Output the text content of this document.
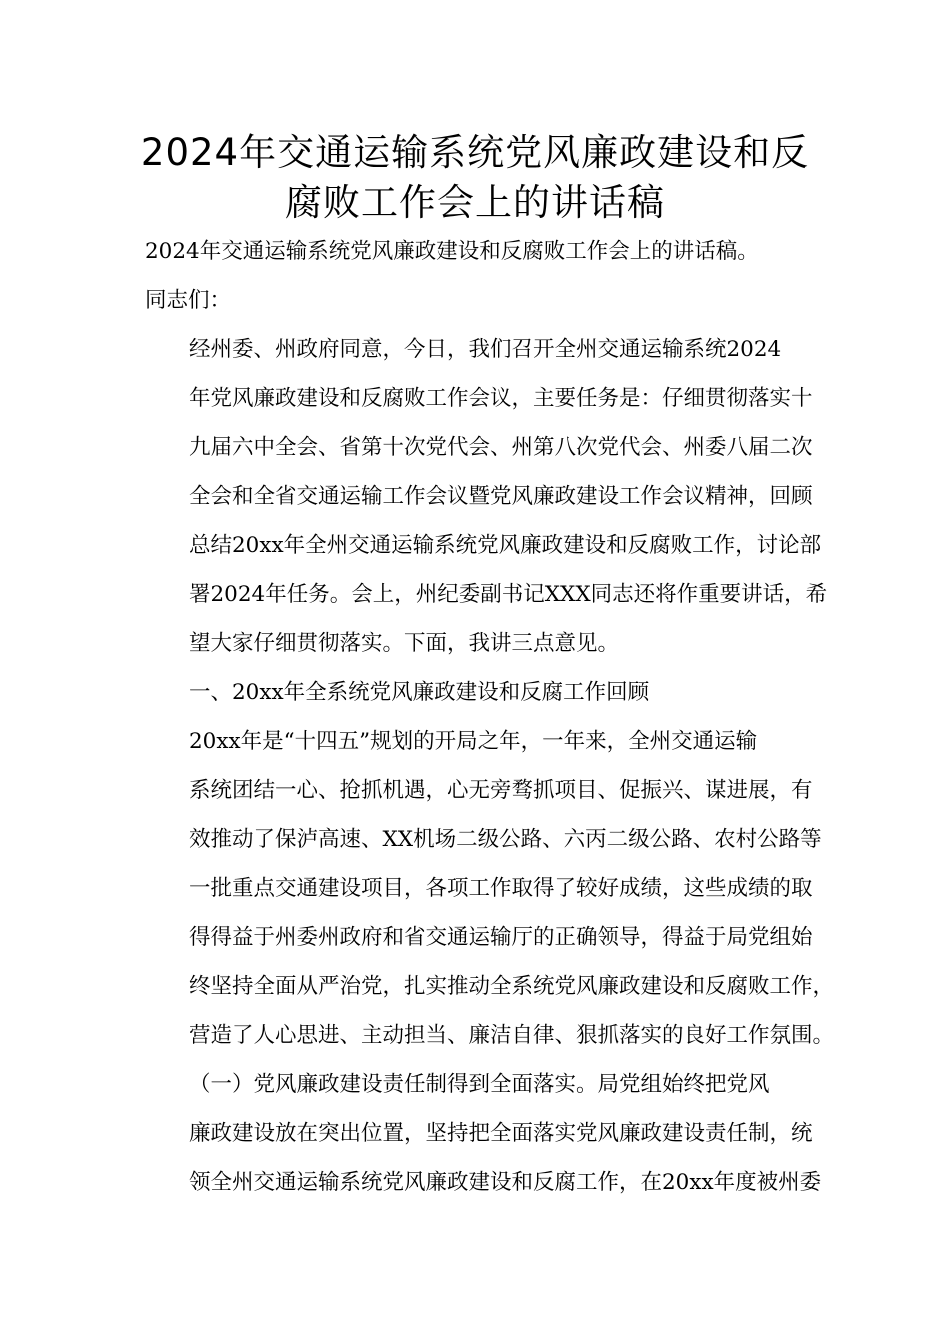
2024年交通运输系统党风廉政建设和反
腐败工作会上的讲话稿

2024年交通运输系统党风廉政建设和反腐败工作会上的讲话稿。

同志们：

经州委、州政府同意，今日，我们召开全州交通运输系统2024
年党风廉政建设和反腐败工作会议，主要任务是：仔细贯彻落实十
九届六中全会、省第十次党代会、州第八次党代会、州委八届二次
全会和全省交通运输工作会议暨党风廉政建设工作会议精神，回顾
总结20xx年全州交通运输系统党风廉政建设和反腐败工作，讨论部
署2024年任务。会上，州纪委副书记XXX同志还将作重要讲话，希
望大家仔细贯彻落实。下面，我讲三点意见。

一、20xx年全系统党风廉政建设和反腐工作回顾

20xx年是“十四五”规划的开局之年，一年来，全州交通运输
系统团结一心、抢抓机遇，心无旁骛抓项目、促振兴、谋进展，有
效推动了保泸高速、XX机场二级公路、六丙二级公路、农村公路等
一批重点交通建设项目，各项工作取得了较好成绩，这些成绩的取
得得益于州委州政府和省交通运输厅的正确领导，得益于局党组始
终坚持全面从严治党，扎实推动全系统党风廉政建设和反腐败工作，
营造了人心思进、主动担当、廉洁自律、狠抓落实的良好工作氛围。

（一）党风廉政建设责任制得到全面落实。局党组始终把党风
廉政建设放在突出位置，坚持把全面落实党风廉政建设责任制，统
领全州交通运输系统党风廉政建设和反腐工作，在20xx年度被州委
